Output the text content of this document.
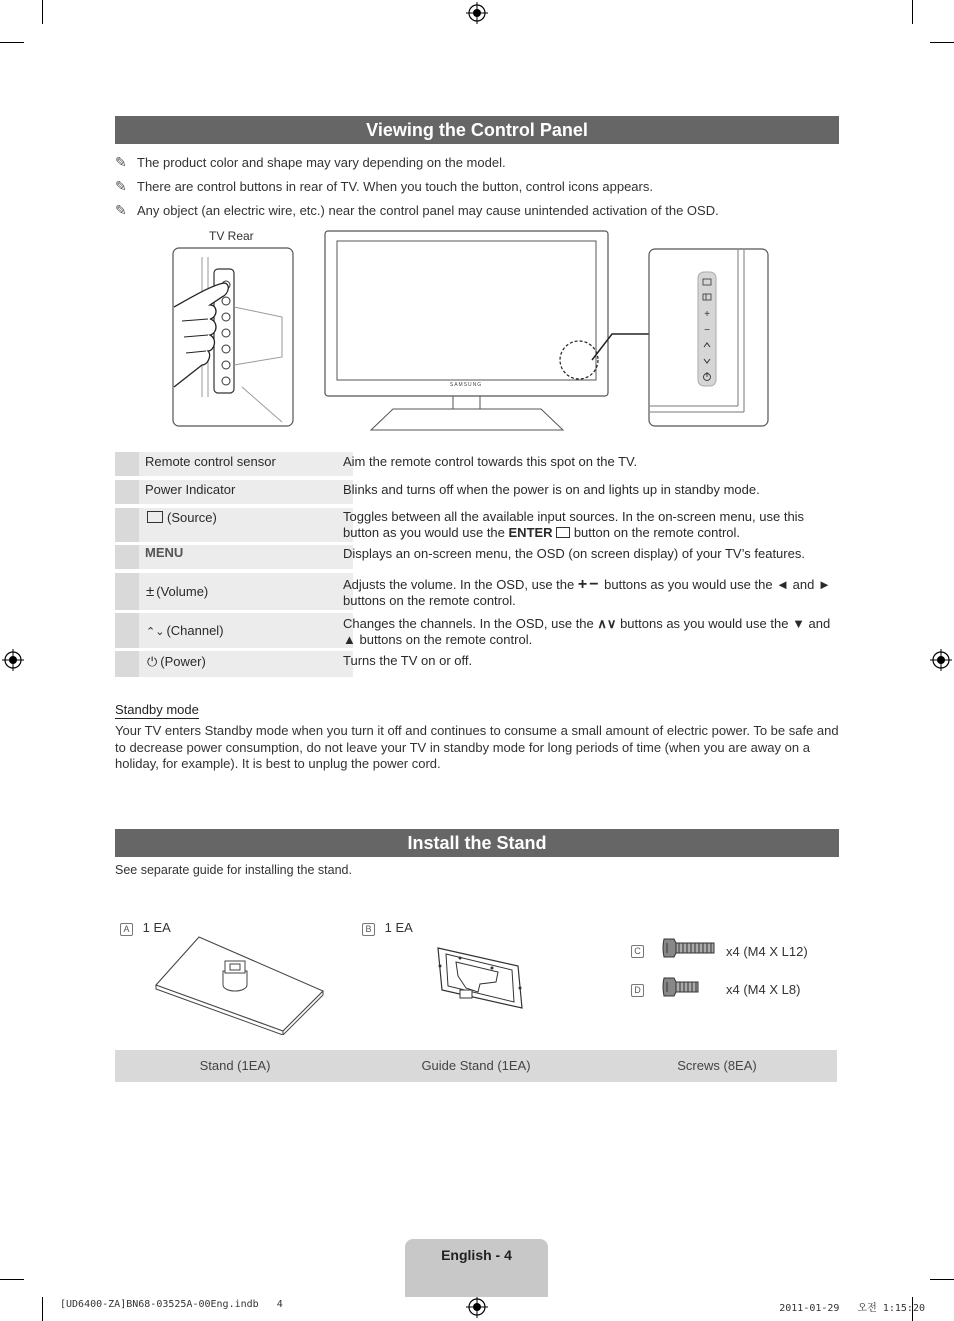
Viewing the Control Panel
✎ The product color and shape may vary depending on the model.
✎ There are control buttons in rear of TV. When you touch the button, control icons appears.
✎ Any object (an electric wire, etc.) near the control panel may cause unintended activation of the OSD.
TV Rear
SAMSUNG
+
−
Remote control sensor	Aim the remote control towards this spot on the TV.
Power Indicator	Blinks and turns off when the power is on and lights up in standby mode.
(Source)	Toggles between all the available input sources. In the on-screen menu, use this button as you would use the ENTER button on the remote control.
MENU	Displays an on-screen menu, the OSD (on screen display) of your TV’s features.
± (Volume)	Adjusts the volume. In the OSD, use the +− buttons as you would use the ◄ and ► buttons on the remote control.
⌃⌄ (Channel)	Changes the channels. In the OSD, use the ∧∨ buttons as you would use the ▼ and ▲ buttons on the remote control.
⏻ (Power)	Turns the TV on or off.
Standby mode
Your TV enters Standby mode when you turn it off and continues to consume a small amount of electric power. To be safe and to decrease power consumption, do not leave your TV in standby mode for long periods of time (when you are away on a holiday, for example). It is best to unplug the power cord.
Install the Stand
See separate guide for installing the stand.
A 1 EA	B 1 EA
C	x4 (M4 X L12)
D	x4 (M4 X L8)
Stand (1EA)	Guide Stand (1EA)	Screws (8EA)
English - 4
[UD6400-ZA]BN68-03525A-00Eng.indb   4	2011-01-29   오전 1:15:20
